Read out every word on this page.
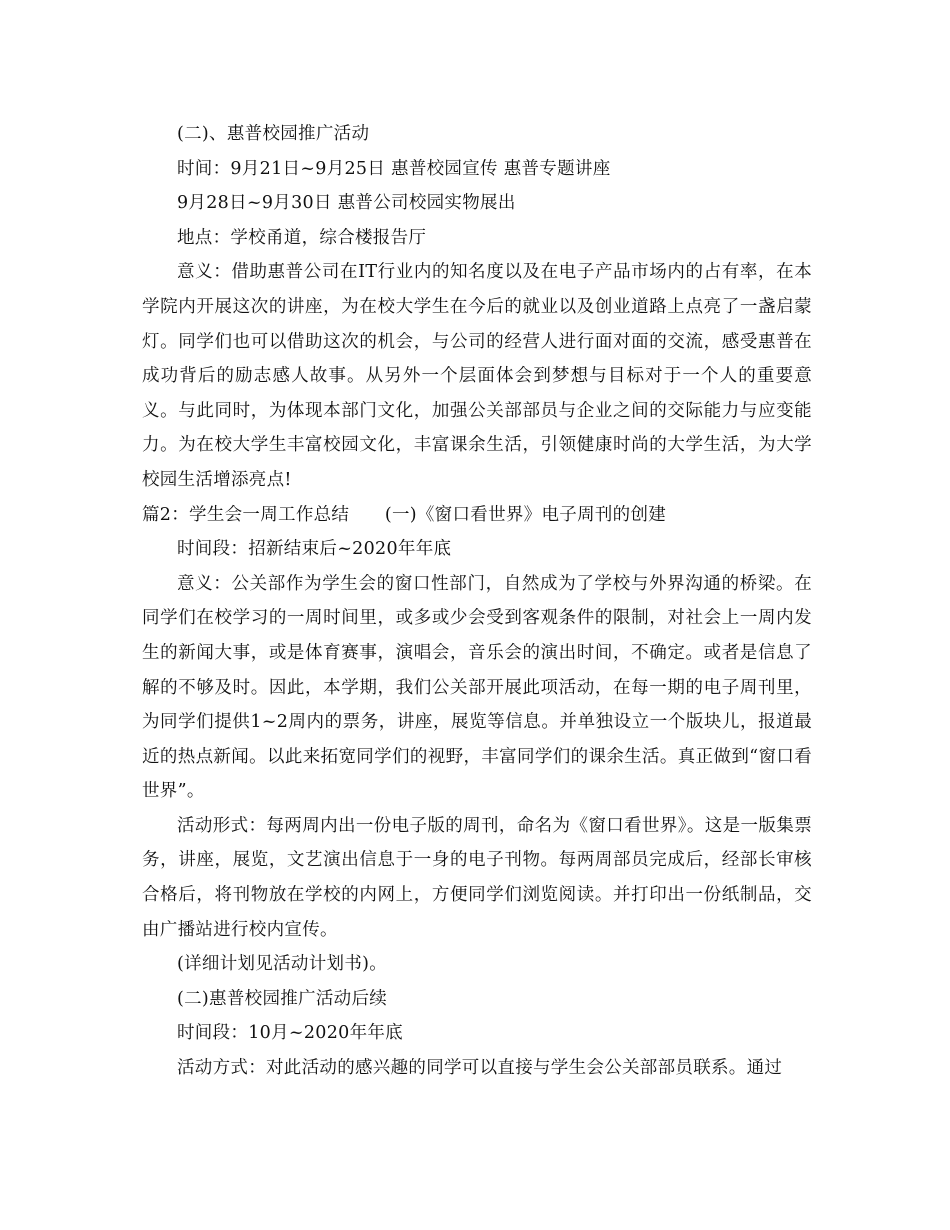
(二)、惠普校园推广活动

时间：9月21日~9月25日 惠普校园宣传 惠普专题讲座

9月28日~9月30日 惠普公司校园实物展出

地点：学校甬道，综合楼报告厅

意义：借助惠普公司在IT行业内的知名度以及在电子产品市场内的占有率，在本学院内开展这次的讲座，为在校大学生在今后的就业以及创业道路上点亮了一盏启蒙灯。同学们也可以借助这次的机会，与公司的经营人进行面对面的交流，感受惠普在成功背后的励志感人故事。从另外一个层面体会到梦想与目标对于一个人的重要意义。与此同时，为体现本部门文化，加强公关部部员与企业之间的交际能力与应变能力。为在校大学生丰富校园文化，丰富课余生活，引领健康时尚的大学生活，为大学校园生活增添亮点!

篇2：学生会一周工作总结　　(一)《窗口看世界》电子周刊的创建

时间段：招新结束后~2020年年底

意义：公关部作为学生会的窗口性部门，自然成为了学校与外界沟通的桥梁。在同学们在校学习的一周时间里，或多或少会受到客观条件的限制，对社会上一周内发生的新闻大事，或是体育赛事，演唱会，音乐会的演出时间，不确定。或者是信息了解的不够及时。因此，本学期，我们公关部开展此项活动，在每一期的电子周刊里，为同学们提供1~2周内的票务，讲座，展览等信息。并单独设立一个版块儿，报道最近的热点新闻。以此来拓宽同学们的视野，丰富同学们的课余生活。真正做到“窗口看世界”。

活动形式：每两周内出一份电子版的周刊，命名为《窗口看世界》。这是一版集票务，讲座，展览，文艺演出信息于一身的电子刊物。每两周部员完成后，经部长审核合格后，将刊物放在学校的内网上，方便同学们浏览阅读。并打印出一份纸制品，交由广播站进行校内宣传。

(详细计划见活动计划书)。

(二)惠普校园推广活动后续

时间段：10月~2020年年底

活动方式：对此活动的感兴趣的同学可以直接与学生会公关部部员联系。通过
